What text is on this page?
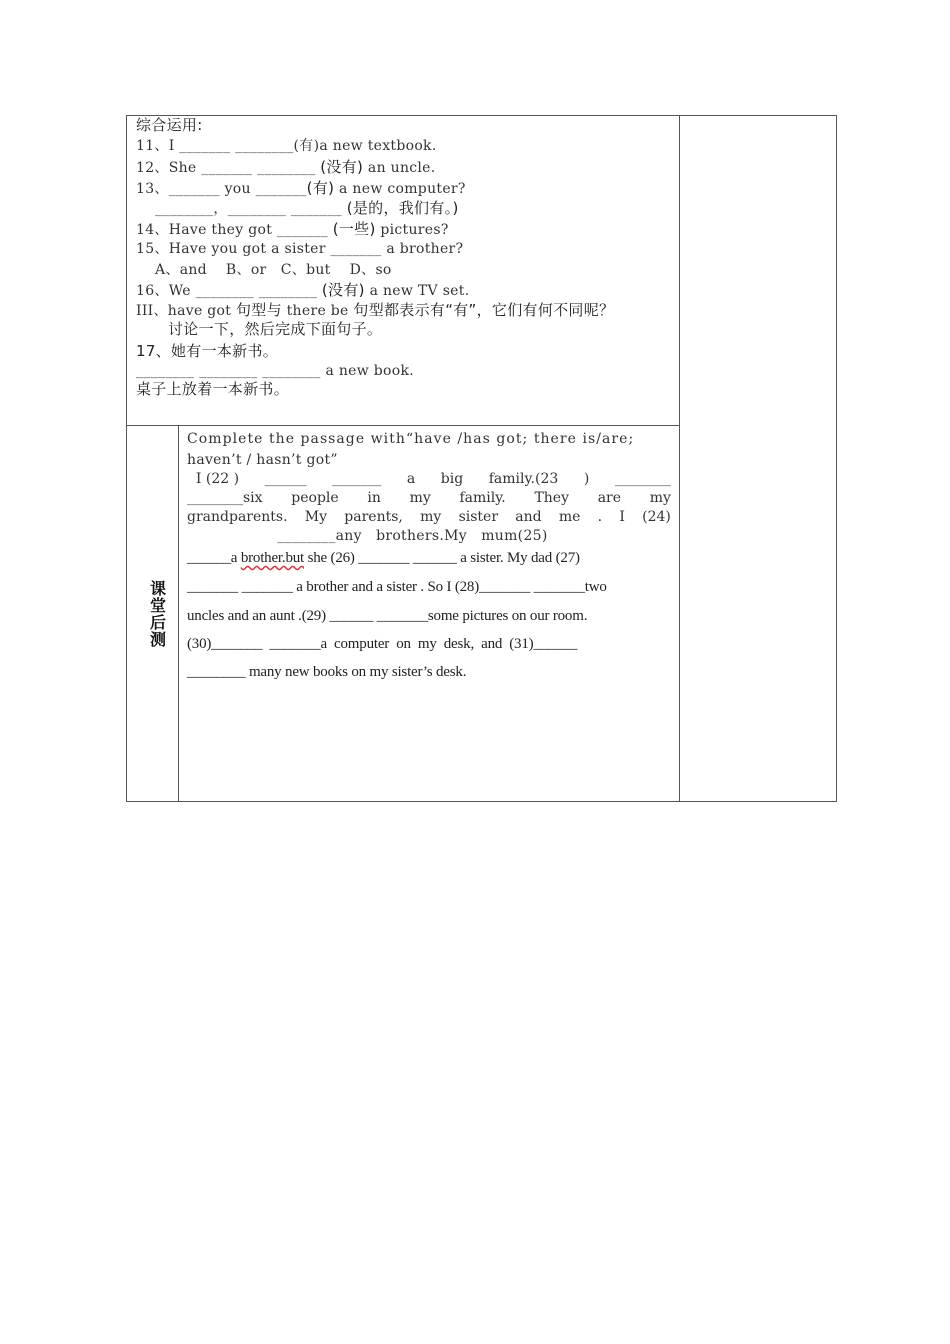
综合运用:
11、I _______ ________(有)a new textbook.
12、She _______ ________ (没有) an uncle.
13、_______ you _______(有) a new computer?
________，________ _______ (是的，我们有。)
14、Have they got _______ (一些) pictures?
15、Have you got a sister _______ a brother?
A、and    B、or   C、but    D、so
16、We ________ ________ (没有) a new TV set.
III、have got 句型与 there be 句型都表示有“有”，它们有何不同呢？
讨论一下，然后完成下面句子。
17、她有一本新书。
________ ________ ________ a new book.
桌子上放着一本新书。
课
堂
后
测
Complete the passage with“have /has got; there is/are;
haven’t / hasn’t got”
I (22 ) ______ _______ a big family.(23 ) ________
________six people in my family. They are my
grandparents. My parents, my sister and me . I (24)
________any   brothers.My   mum(25)
______a brother.but she (26) _______ ______ a sister. My dad (27)
_______ _______ a brother and a sister . So I (28)_______ _______two
uncles and an aunt .(29) ______ _______some pictures on our room.
(30)_______  _______a  computer  on  my  desk,  and  (31)______
________ many new books on my sister’s desk.
